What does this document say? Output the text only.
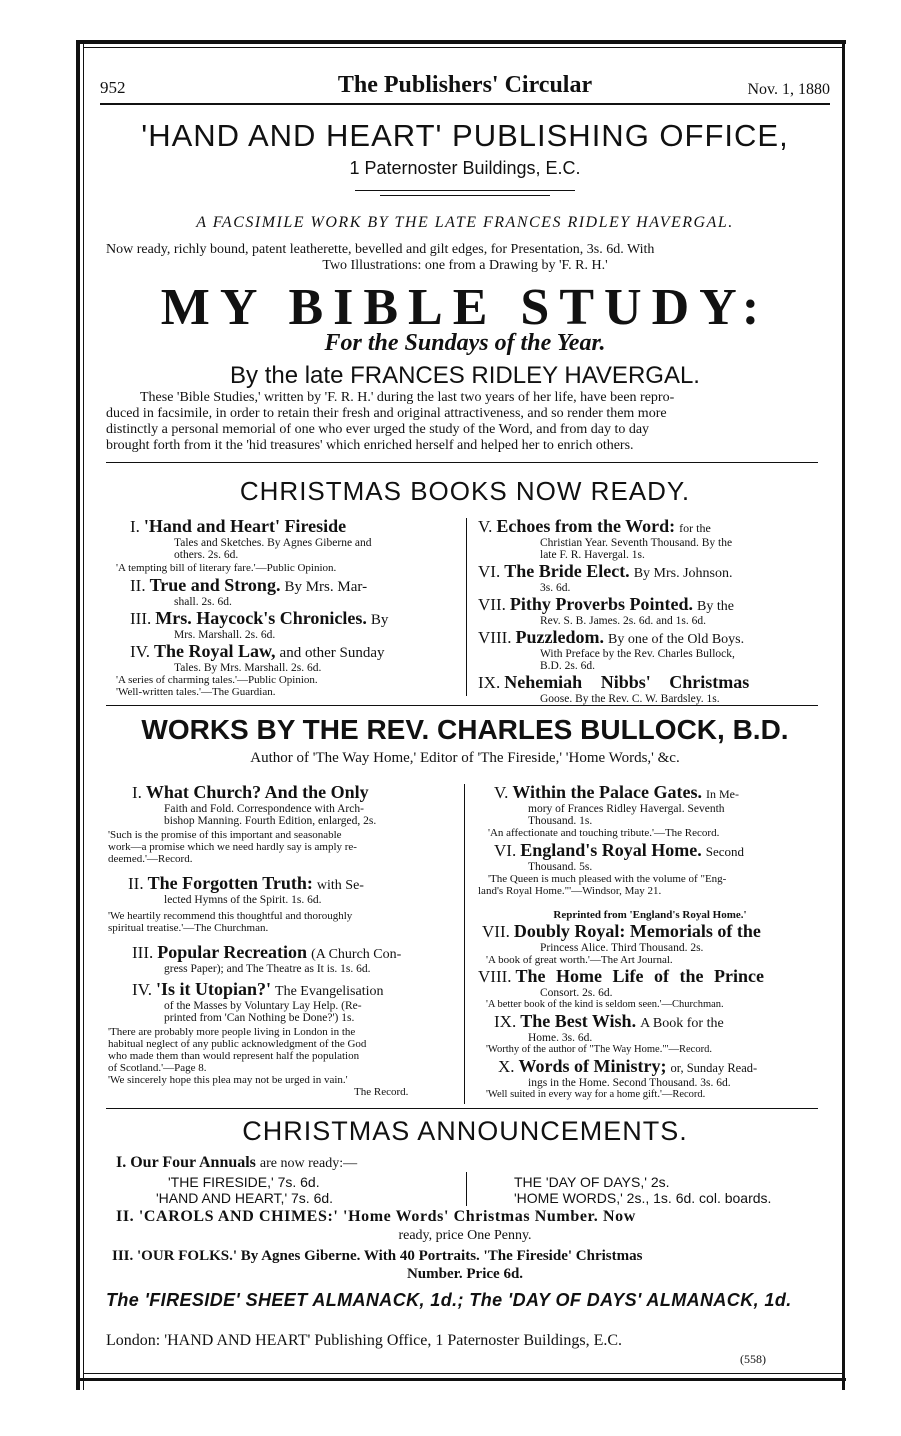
952	The Publishers' Circular	Nov. 1, 1880
'HAND AND HEART' PUBLISHING OFFICE,
1 Paternoster Buildings, E.C.
A FACSIMILE WORK BY THE LATE FRANCES RIDLEY HAVERGAL.
Now ready, richly bound, patent leatherette, bevelled and gilt edges, for Presentation, 3s. 6d. With
Two Illustrations: one from a Drawing by 'F. R. H.'
MY BIBLE STUDY:
For the Sundays of the Year.
By the late FRANCES RIDLEY HAVERGAL.
These 'Bible Studies,' written by 'F. R. H.' during the last two years of her life, have been repro-
duced in facsimile, in order to retain their fresh and original attractiveness, and so render them more
distinctly a personal memorial of one who ever urged the study of the Word, and from day to day
brought forth from it the 'hid treasures' which enriched herself and helped her to enrich others.
CHRISTMAS BOOKS NOW READY.
I. 'Hand and Heart' Fireside
Tales and Sketches. By Agnes Giberne and
others. 2s. 6d.
'A tempting bill of literary fare.'—Public Opinion.
II. True and Strong. By Mrs. Mar-
shall. 2s. 6d.
III. Mrs. Haycock's Chronicles. By
Mrs. Marshall. 2s. 6d.
IV. The Royal Law, and other Sunday
Tales. By Mrs. Marshall. 2s. 6d.
'A series of charming tales.'—Public Opinion.
'Well-written tales.'—The Guardian.
V. Echoes from the Word: for the
Christian Year. Seventh Thousand. By the
late F. R. Havergal. 1s.
VI. The Bride Elect. By Mrs. Johnson.
3s. 6d.
VII. Pithy Proverbs Pointed. By the
Rev. S. B. James. 2s. 6d. and 1s. 6d.
VIII. Puzzledom. By one of the Old Boys.
With Preface by the Rev. Charles Bullock,
B.D. 2s. 6d.
IX. Nehemiah Nibbs' Christmas
Goose. By the Rev. C. W. Bardsley. 1s.
WORKS BY THE REV. CHARLES BULLOCK, B.D.
Author of 'The Way Home,' Editor of 'The Fireside,' 'Home Words,' &c.
I. What Church? And the Only
Faith and Fold. Correspondence with Arch-
bishop Manning. Fourth Edition, enlarged, 2s.
'Such is the promise of this important and seasonable
work—a promise which we need hardly say is amply re-
deemed.'—Record.
II. The Forgotten Truth: with Se-
lected Hymns of the Spirit. 1s. 6d.
'We heartily recommend this thoughtful and thoroughly
spiritual treatise.'—The Churchman.
III. Popular Recreation (A Church Con-
gress Paper); and The Theatre as It is. 1s. 6d.
IV. 'Is it Utopian?' The Evangelisation
of the Masses by Voluntary Lay Help. (Re-
printed from 'Can Nothing be Done?') 1s.
'There are probably more people living in London in the
habitual neglect of any public acknowledgment of the God
who made them than would represent half the population
of Scotland.'—Page 8.
'We sincerely hope this plea may not be urged in vain.'
The Record.
V. Within the Palace Gates. In Me-
mory of Frances Ridley Havergal. Seventh
Thousand. 1s.
'An affectionate and touching tribute.'—The Record.
VI. England's Royal Home. Second
Thousand. 5s.
'The Queen is much pleased with the volume of "Eng-
land's Royal Home."'—Windsor, May 21.
Reprinted from 'England's Royal Home.'
VII. Doubly Royal: Memorials of the
Princess Alice. Third Thousand. 2s.
'A book of great worth.'—The Art Journal.
VIII. The Home Life of the Prince
Consort. 2s. 6d.
'A better book of the kind is seldom seen.'—Churchman.
IX. The Best Wish. A Book for the
Home. 3s. 6d.
'Worthy of the author of "The Way Home."'—Record.
X. Words of Ministry; or, Sunday Read-
ings in the Home. Second Thousand. 3s. 6d.
'Well suited in every way for a home gift.'—Record.
CHRISTMAS ANNOUNCEMENTS.
I. Our Four Annuals are now ready:—
'THE FIRESIDE,' 7s. 6d.
'HAND AND HEART,' 7s. 6d.
THE 'DAY OF DAYS,' 2s.
'HOME WORDS,' 2s., 1s. 6d. col. boards.
II. 'CAROLS AND CHIMES:' 'Home Words' Christmas Number. Now
ready, price One Penny.
III. 'OUR FOLKS.' By Agnes Giberne. With 40 Portraits. 'The Fireside' Christmas
Number. Price 6d.
The 'FIRESIDE' SHEET ALMANACK, 1d.; The 'DAY OF DAYS' ALMANACK, 1d.
London: 'HAND AND HEART' Publishing Office, 1 Paternoster Buildings, E.C.
(558)
